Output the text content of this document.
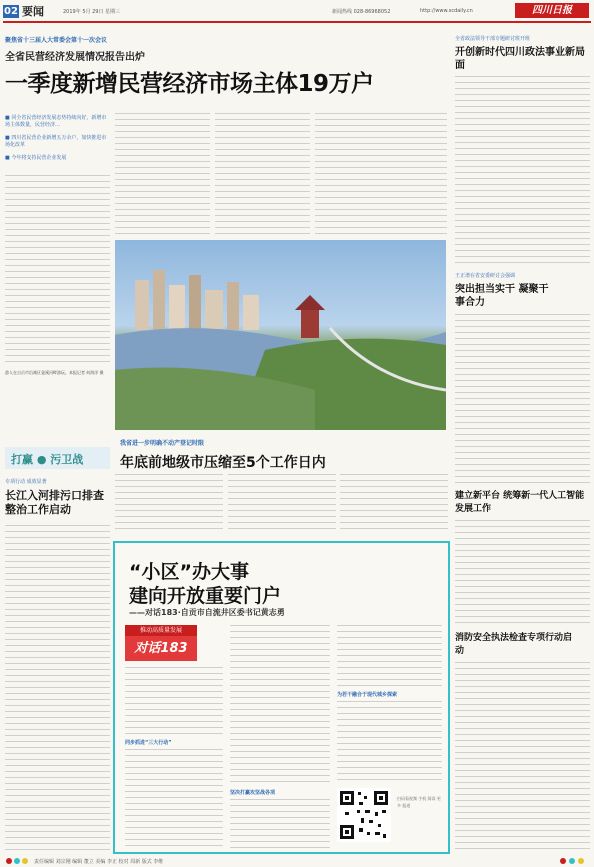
02 要闻	2019年 5月 29日 星期三	新闻热线 028-86968052	http://www.scdaily.cn	四川日报
聚焦省十三届人大常委会第十一次会议
全省民营经济发展情况报告出炉
一季度新增民营经济市场主体19万户
■ 同全省民营经济发展态势持续向好，新增市场主体数量，民营经济…
■ 四川省民营企业新增五万余户，加快推进市场化改革
■ 今年将支持民营企业发展
游人在自贡市沿滩区釜溪河畔游玩。本报记者 何海洋 摄
打赢 ● 污卫战
专项行动 成效显著
长江入河排污口排查整治工作启动
我省进一步明确不动产登记时限
年底前地级市压缩至5个工作日内
全省政法领导干部专题研讨班开班
开创新时代四川政法事业新局面
王正谱在省安委研讨会强调
突出担当实干 凝聚干事合力
建立新平台 统筹新一代人工智能发展工作
消防安全执法检查专项行动启动
“小区”办大事
建向开放重要门户
——对话183·自贡市自流井区委书记黄志勇
推动高质量发展
对话183
同步抓进“三大行动”
坚决打赢攻坚战各项
为若干融合于现代城乡探索
扫码看视频 手机 阅读 更多 报道
责任编辑 刘宗刚 编辑 董立 美编 李正 校对 周新 版式 李维
